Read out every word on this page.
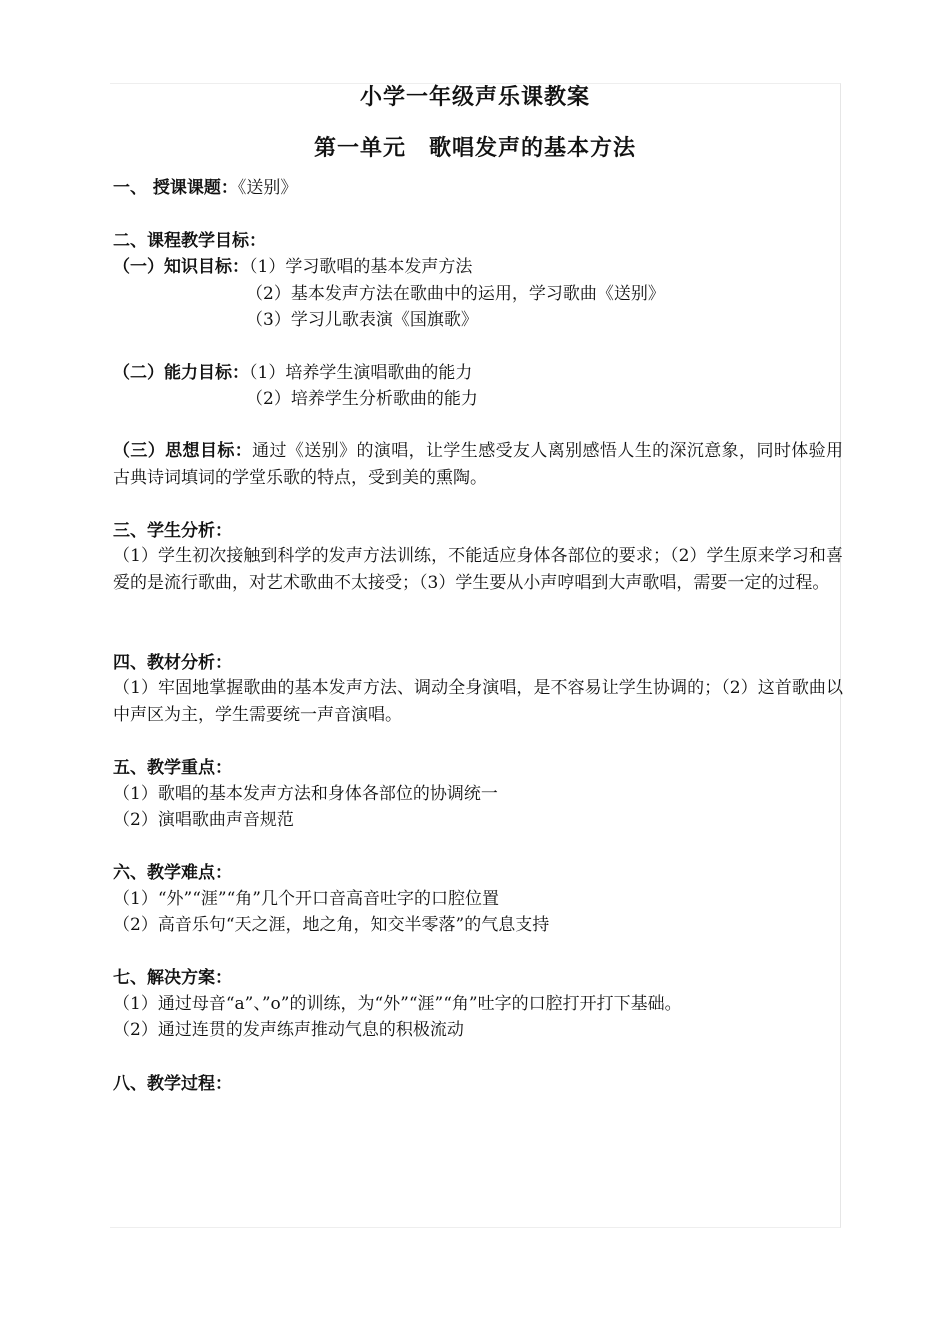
小学一年级声乐课教案
第一单元　歌唱发声的基本方法
一、 授课课题：《送别》
二、课程教学目标：
（一）知识目标：（1）学习歌唱的基本发声方法
（2）基本发声方法在歌曲中的运用，学习歌曲《送别》
（3）学习儿歌表演《国旗歌》
（二）能力目标：（1）培养学生演唱歌曲的能力
（2）培养学生分析歌曲的能力
（三）思想目标：通过《送别》的演唱，让学生感受友人离别感悟人生的深沉意象，同时体验用古典诗词填词的学堂乐歌的特点，受到美的熏陶。
三、学生分析：
（1）学生初次接触到科学的发声方法训练，不能适应身体各部位的要求；（2）学生原来学习和喜爱的是流行歌曲，对艺术歌曲不太接受；（3）学生要从小声哼唱到大声歌唱，需要一定的过程。
四、教材分析：
（1）牢固地掌握歌曲的基本发声方法、调动全身演唱，是不容易让学生协调的；（2）这首歌曲以中声区为主，学生需要统一声音演唱。
五、教学重点：
（1）歌唱的基本发声方法和身体各部位的协调统一
（2）演唱歌曲声音规范
六、教学难点：
（1）“外”“涯”“角”几个开口音高音吐字的口腔位置
（2）高音乐句“天之涯，地之角，知交半零落”的气息支持
七、解决方案：
（1）通过母音“a”、”o”的训练，为“外”“涯”“角”吐字的口腔打开打下基础。
（2）通过连贯的发声练声推动气息的积极流动
八、教学过程：
